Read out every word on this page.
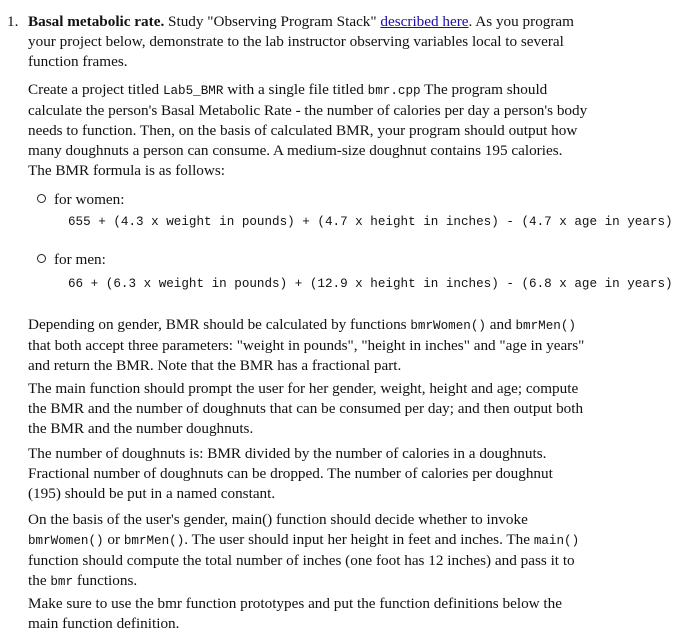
1. Basal metabolic rate. Study "Observing Program Stack" described here. As you program your project below, demonstrate to the lab instructor observing variables local to several function frames.

Create a project titled Lab5_BMR with a single file titled bmr.cpp The program should calculate the person's Basal Metabolic Rate - the number of calories per day a person's body needs to function. Then, on the basis of calculated BMR, your program should output how many doughnuts a person can consume. A medium-size doughnut contains 195 calories.

The BMR formula is as follows:

for women:
655 + (4.3 x weight in pounds) + (4.7 x height in inches) - (4.7 x age in years)
for men:
66 + (6.3 x weight in pounds) + (12.9 x height in inches) - (6.8 x age in years)

Depending on gender, BMR should be calculated by functions bmrWomen() and bmrMen() that both accept three parameters: "weight in pounds", "height in inches" and "age in years" and return the BMR. Note that the BMR has a fractional part.

The main function should prompt the user for her gender, weight, height and age; compute the BMR and the number of doughnuts that can be consumed per day; and then output both the BMR and the number doughnuts.

The number of doughnuts is: BMR divided by the number of calories in a doughnuts. Fractional number of doughnuts can be dropped. The number of calories per doughnut (195) should be put in a named constant.

On the basis of the user's gender, main() function should decide whether to invoke bmrWomen() or bmrMen(). The user should input her height in feet and inches. The main() function should compute the total number of inches (one foot has 12 inches) and pass it to the bmr functions.

Make sure to use the bmr function prototypes and put the function definitions below the main function definition.
